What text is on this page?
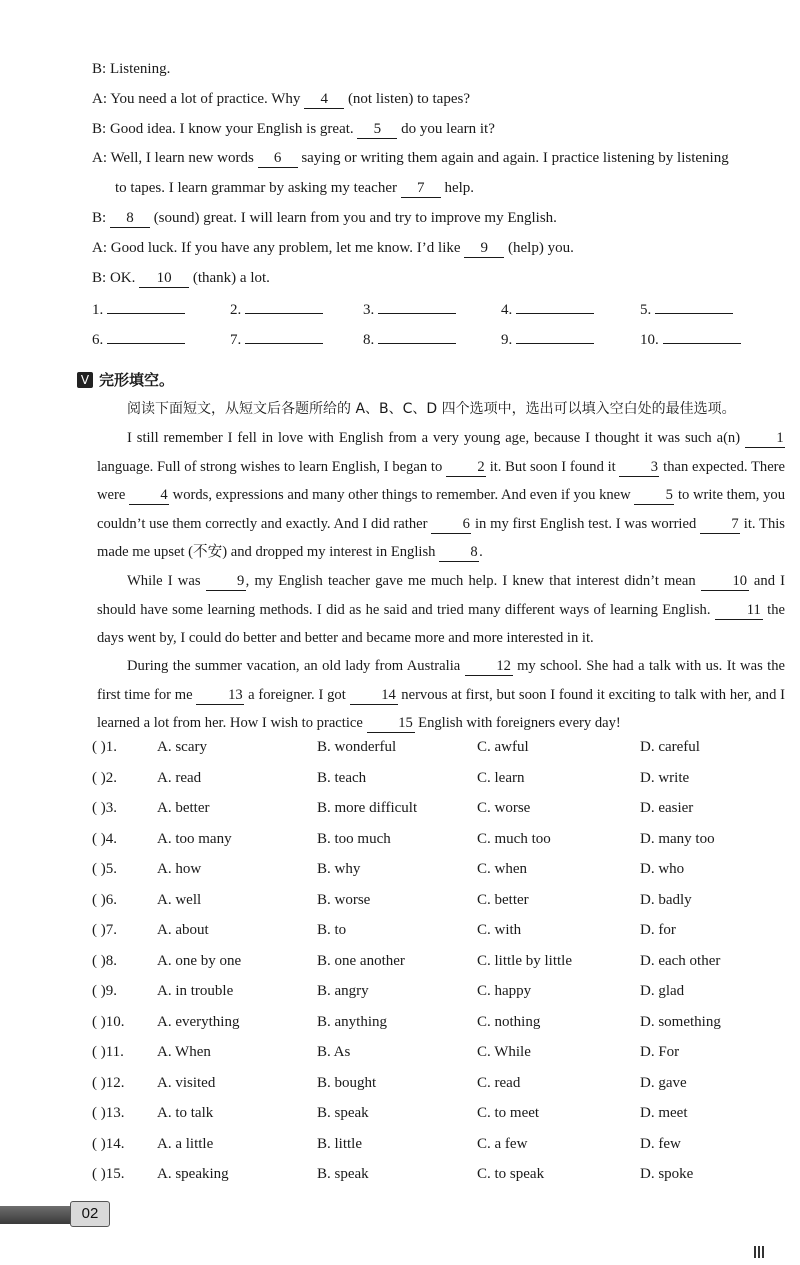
B: Listening.
A: You need a lot of practice. Why 4 (not listen) to tapes?
B: Good idea. I know your English is great. 5 do you learn it?
A: Well, I learn new words 6 saying or writing them again and again. I practice listening by listening
to tapes. I learn grammar by asking my teacher 7 help.
B: 8 (sound) great. I will learn from you and try to improve my English.
A: Good luck. If you have any problem, let me know. I’d like 9 (help) you.
B: OK. 10 (thank) a lot.
1.	2.	3.	4.	5.
6.	7.	8.	9.	10.
V 完形填空。
阅读下面短文，从短文后各题所给的 A、B、C、D 四个选项中，选出可以填入空白处的最佳选项。
I still remember I fell in love with English from a very young age, because I thought it was such a(n) 1 language. Full of strong wishes to learn English, I began to 2 it. But soon I found it 3 than expected. There were 4 words, expressions and many other things to remember. And even if you knew 5 to write them, you couldn’t use them correctly and exactly. And I did rather 6 in my first English test. I was worried 7 it. This made me upset (不安) and dropped my interest in English 8.
While I was 9, my English teacher gave me much help. I knew that interest didn’t mean 10 and I should have some learning methods. I did as he said and tried many different ways of learning English. 11 the days went by, I could do better and better and became more and more interested in it.
During the summer vacation, an old lady from Australia 12 my school. She had a talk with us. It was the first time for me 13 a foreigner. I got 14 nervous at first, but soon I found it exciting to talk with her, and I learned a lot from her. How I wish to practice 15 English with foreigners every day!
( )1.	A. scary	B. wonderful	C. awful	D. careful
( )2.	A. read	B. teach	C. learn	D. write
( )3.	A. better	B. more difficult	C. worse	D. easier
( )4.	A. too many	B. too much	C. much too	D. many too
( )5.	A. how	B. why	C. when	D. who
( )6.	A. well	B. worse	C. better	D. badly
( )7.	A. about	B. to	C. with	D. for
( )8.	A. one by one	B. one another	C. little by little	D. each other
( )9.	A. in trouble	B. angry	C. happy	D. glad
( )10. A. everything	B. anything	C. nothing	D. something
( )11. A. When	B. As	C. While	D. For
( )12. A. visited	B. bought	C. read	D. gave
( )13. A. to talk	B. speak	C. to meet	D. meet
( )14. A. a little	B. little	C. a few	D. few
( )15. A. speaking	B. speak	C. to speak	D. spoke
02
